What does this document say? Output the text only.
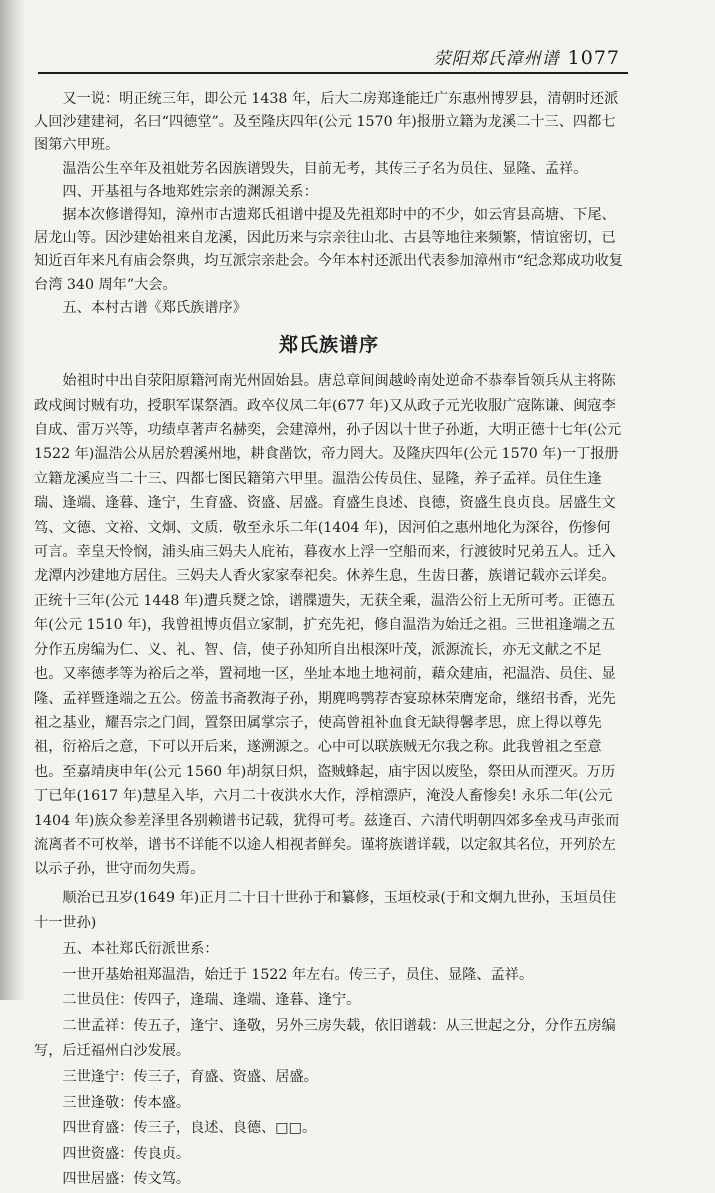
荥阳郑氏漳州谱 1077

又一说：明正统三年，即公元 1438 年，后大二房郑逢能迁广东惠州博罗县，清朝时还派人回沙建建祠，名曰“四德堂”。及至隆庆四年(公元 1570 年)报册立籍为龙溪二十三、四都七图第六甲班。

温浩公生卒年及祖妣芳名因族谱毁失，目前无考，其传三子名为员住、显隆、孟祥。

四、开基祖与各地郑姓宗亲的渊源关系：

据本次修谱得知，漳州市古遗郑氏祖谱中提及先祖郑时中的不少，如云宵县高塘、下尾、居龙山等。因沙建始祖来自龙溪，因此历来与宗亲往山北、古县等地往来频繁，情谊密切，已知近百年来凡有庙会祭典，均互派宗亲赴会。今年本村还派出代表参加漳州市“纪念郑成功收复台湾 340 周年”大会。

五、本村古谱《郑氏族谱序》

郑氏族谱序

始祖时中出自荥阳原籍河南光州固始县。唐总章间闽越岭南处逆命不恭奉旨领兵从主将陈政戍闽讨贼有功，授职军谋祭酒。政卒仪凤二年(677 年)又从政子元光收服广寇陈谦、闽寇李自成、雷万兴等，功绩卓著声名赫奕，会建漳州，孙子因以十世子孙逝，大明正德十七年(公元 1522 年)温浩公从居於碧溪州地，耕食凿饮，帝力罔大。及隆庆四年(公元 1570 年)一丁报册立籍龙溪应当二十三、四都七图民籍第六甲里。温浩公传员住、显隆，养子孟祥。员住生逢瑞、逢端、逢暮、逢宁，生育盛、资盛、居盛。育盛生良述、良德，资盛生良贞良。居盛生文笃、文德、文裕、文炯、文质．敬至永乐二年(1404 年)，因河伯之惠州地化为深谷，伤惨何可言。幸皇天怜悯，浦头庙三妈夫人庇祐，暮夜水上浮一空船而来，行渡彼时兄弟五人。迁入龙潭内沙建地方居住。三妈夫人香火家家奉祀矣。休养生息，生齿日蕃，族谱记载亦云详矣。正统十三年(公元 1448 年)遭兵燹之馀，谱牒遗失，无获全乘，温浩公衍上无所可考。正德五年(公元 1510 年)，我曾祖博贞倡立家制，扩充先祀，修自温浩为始迁之祖。三世祖逢端之五分作五房编为仁、义、礼、智、信，使子孙知所自出根深叶茂，派源流长，亦无文献之不足也。又率德孝等为裕后之举，置祠地一区，坐址本地土地祠前，藉众建庙，祀温浩、员住、显隆、孟祥暨逢端之五公。傍盖书斋教海子孙，期麂鸣鹗荐杏宴琼林荣膺宠命，继绍书香，光先祖之基业，耀吾宗之门闾，置祭田属掌宗子，使高曾祖补血食无缺得馨孝思，庶上得以尊先祖，衍裕后之意，下可以开后来，遂溯源之。心中可以联族贼无尔我之称。此我曾祖之至意也。至嘉靖庚申年(公元 1560 年)胡氛日炽，盗贼蜂起，庙宇因以废坠，祭田从而湮灭。万历丁已年(1617 年)慧星入毕，六月二十夜洪水大作，浮棺漂庐，淹没人畜惨矣! 永乐二年(公元 1404 年)族众参差泽里各别赖谱书记载，犹得可考。兹逢百、六清代明朝四郊多垒戎马声张而流离者不可枚举，谱书不详能不以途人相视者鲜矣。谨将族谱详载，以定叙其名位，开列於左以示子孙，世守而勿失焉。

顺治已丑岁(1649 年)正月二十日十世孙于和纂修，玉垣校录(于和文炯九世孙，玉垣员住十一世孙)

五、本社郑氏衍派世系：

一世开基始祖郑温浩，始迁于 1522 年左右。传三子，员住、显隆、孟祥。

二世员住：传四子，逢瑞、逢端、逢暮、逢宁。

二世孟祥：传五子，逢宁、逢敬，另外三房失载，依旧谱载：从三世起之分，分作五房编写，后迁福州白沙发展。

三世逢宁：传三子，育盛、资盛、居盛。

三世逢敬：传本盛。

四世育盛：传三子，良述、良德、□□。

四世资盛：传良贞。

四世居盛：传文笃。
